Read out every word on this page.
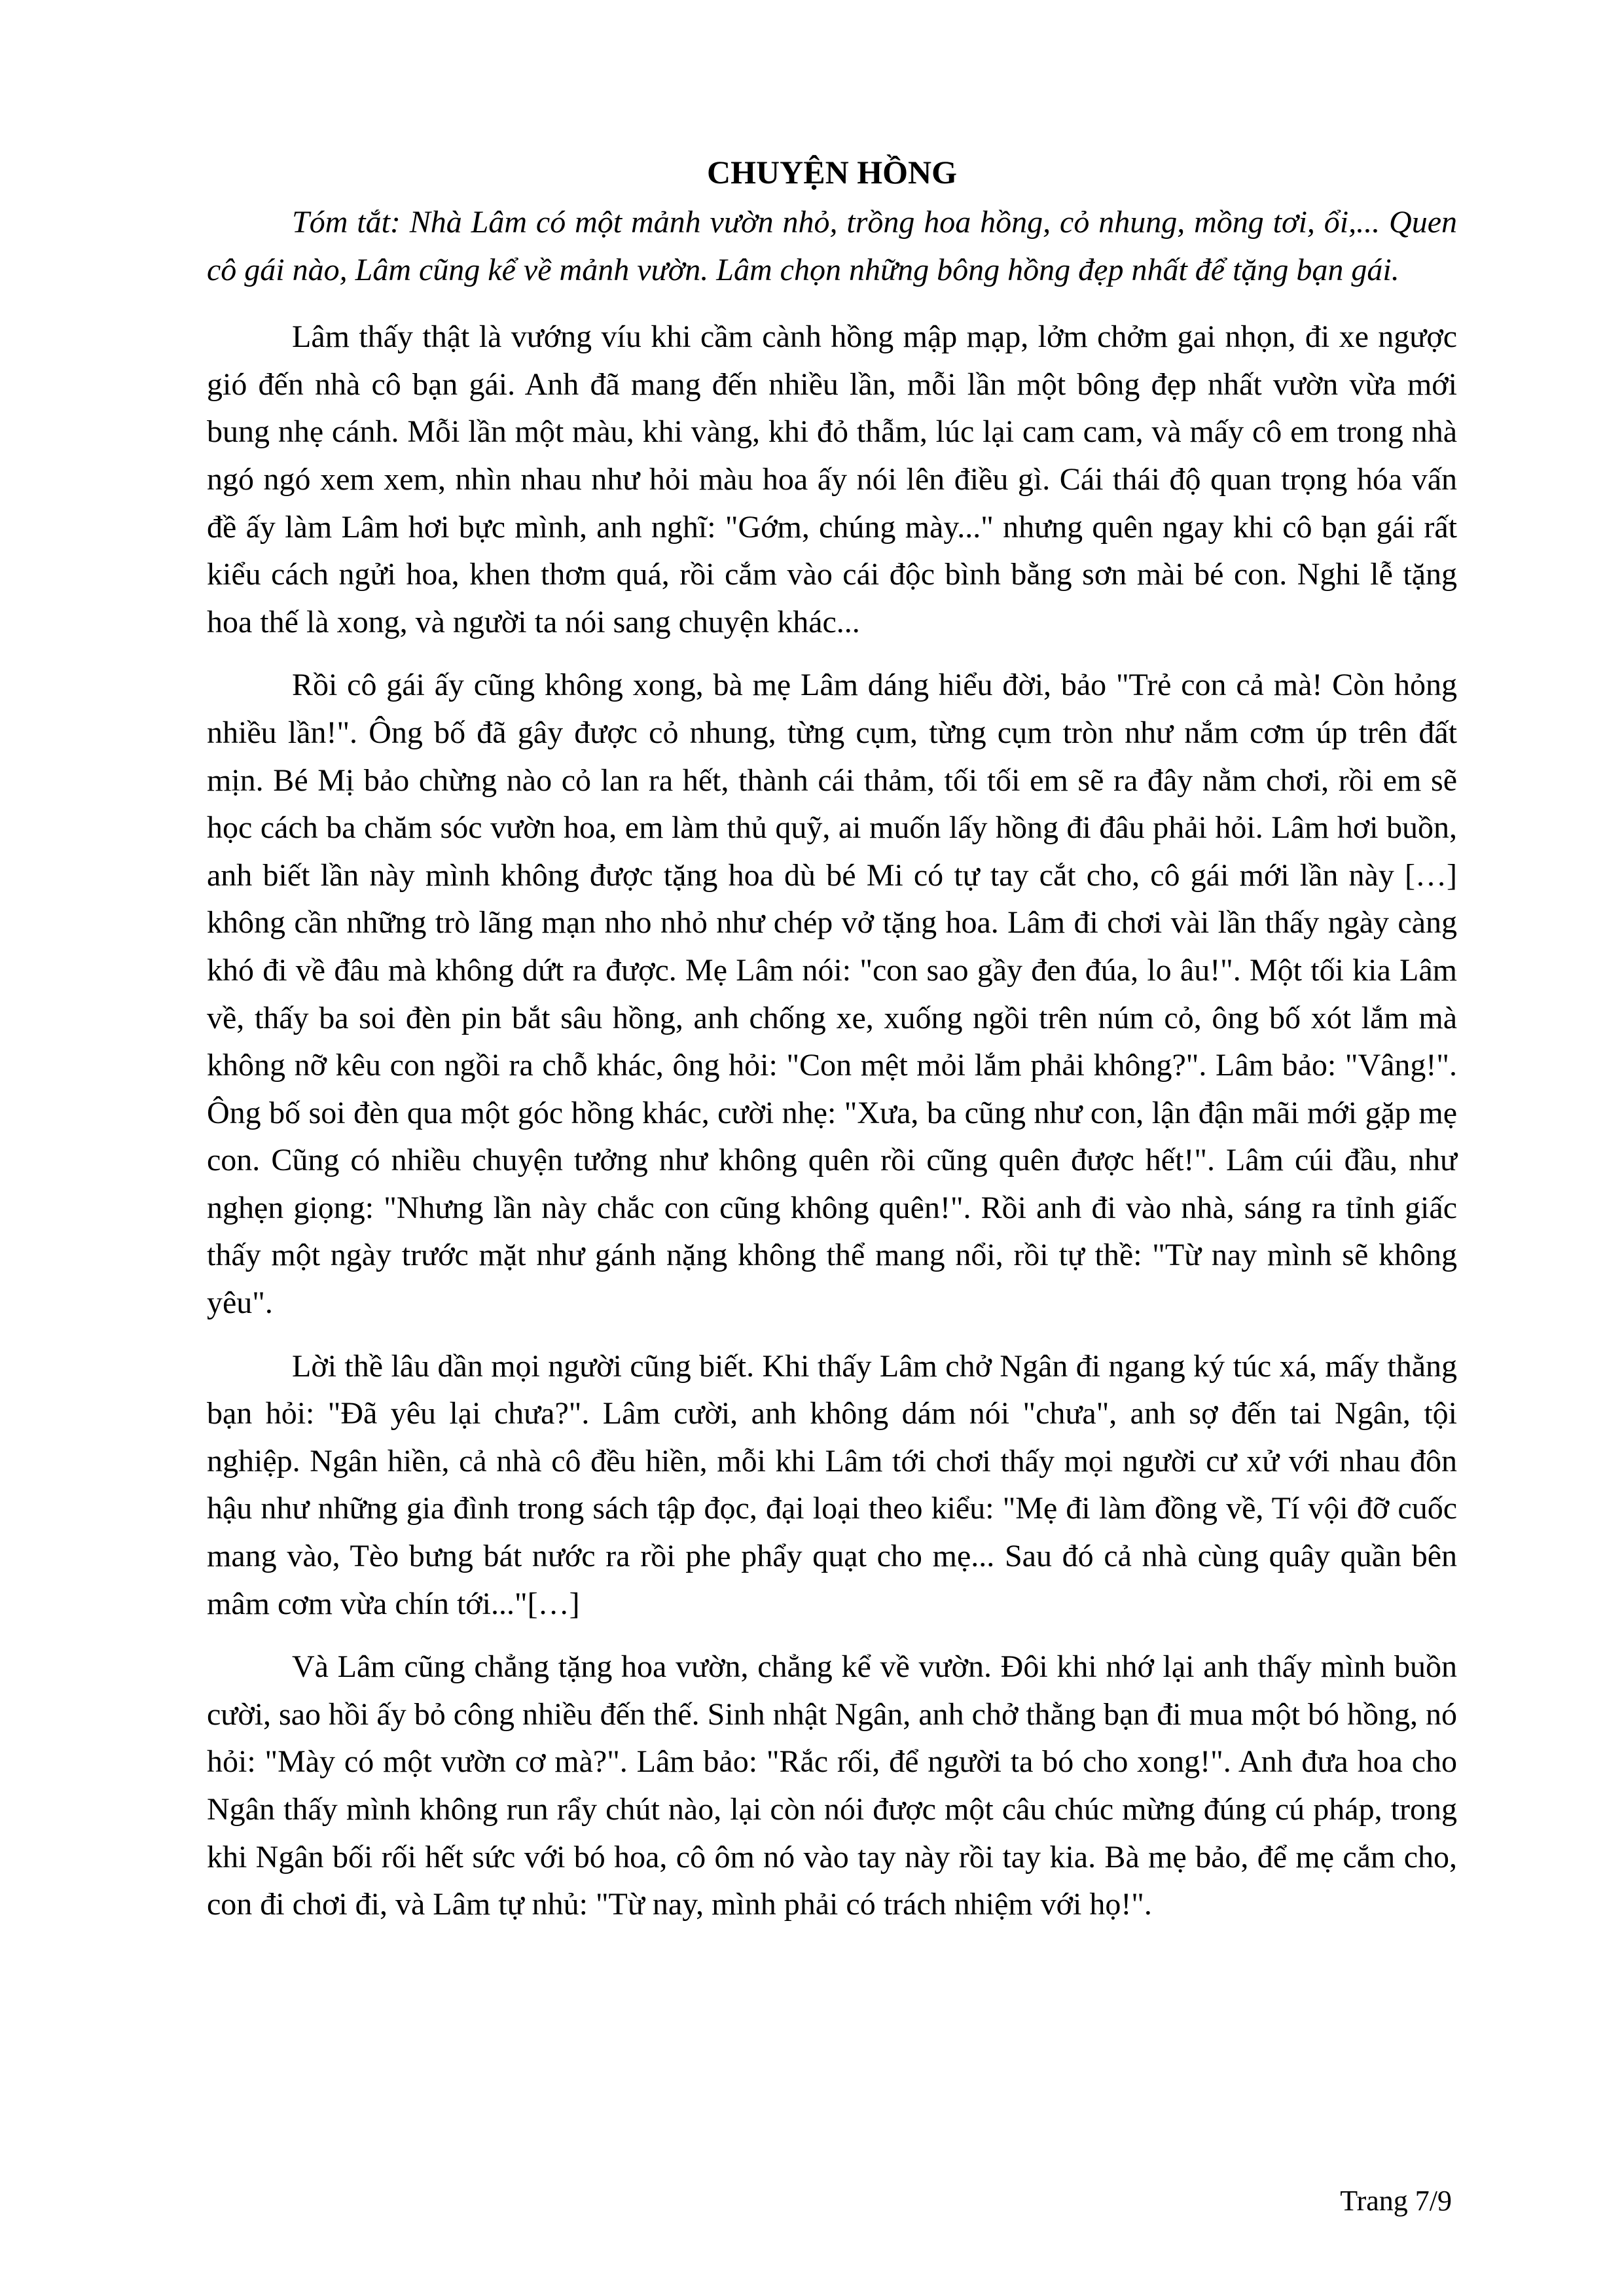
CHUYỆN HỒNG

Tóm tắt: Nhà Lâm có một mảnh vườn nhỏ, trồng hoa hồng, cỏ nhung, mồng tơi, ổi,... Quen cô gái nào, Lâm cũng kể về mảnh vườn. Lâm chọn những bông hồng đẹp nhất để tặng bạn gái.

Lâm thấy thật là vướng víu khi cầm cành hồng mập mạp, lởm chởm gai nhọn, đi xe ngược gió đến nhà cô bạn gái. Anh đã mang đến nhiều lần, mỗi lần một bông đẹp nhất vườn vừa mới bung nhẹ cánh. Mỗi lần một màu, khi vàng, khi đỏ thẫm, lúc lại cam cam, và mấy cô em trong nhà ngó ngó xem xem, nhìn nhau như hỏi màu hoa ấy nói lên điều gì. Cái thái độ quan trọng hóa vấn đề ấy làm Lâm hơi bực mình, anh nghĩ: "Gớm, chúng mày..." nhưng quên ngay khi cô bạn gái rất kiểu cách ngửi hoa, khen thơm quá, rồi cắm vào cái độc bình bằng sơn mài bé con. Nghi lễ tặng hoa thế là xong, và người ta nói sang chuyện khác...

Rồi cô gái ấy cũng không xong, bà mẹ Lâm dáng hiểu đời, bảo "Trẻ con cả mà! Còn hỏng nhiều lần!". Ông bố đã gây được cỏ nhung, từng cụm, từng cụm tròn như nắm cơm úp trên đất mịn. Bé Mị bảo chừng nào cỏ lan ra hết, thành cái thảm, tối tối em sẽ ra đây nằm chơi, rồi em sẽ học cách ba chăm sóc vườn hoa, em làm thủ quỹ, ai muốn lấy hồng đi đâu phải hỏi. Lâm hơi buồn, anh biết lần này mình không được tặng hoa dù bé Mi có tự tay cắt cho, cô gái mới lần này […] không cần những trò lãng mạn nho nhỏ như chép vở tặng hoa. Lâm đi chơi vài lần thấy ngày càng khó đi về đâu mà không dứt ra được. Mẹ Lâm nói: "con sao gầy đen đúa, lo âu!". Một tối kia Lâm về, thấy ba soi đèn pin bắt sâu hồng, anh chống xe, xuống ngồi trên núm cỏ, ông bố xót lắm mà không nỡ kêu con ngồi ra chỗ khác, ông hỏi: "Con mệt mỏi lắm phải không?". Lâm bảo: "Vâng!". Ông bố soi đèn qua một góc hồng khác, cười nhẹ: "Xưa, ba cũng như con, lận đận mãi mới gặp mẹ con. Cũng có nhiều chuyện tưởng như không quên rồi cũng quên được hết!". Lâm cúi đầu, như nghẹn giọng: "Nhưng lần này chắc con cũng không quên!". Rồi anh đi vào nhà, sáng ra tỉnh giấc thấy một ngày trước mặt như gánh nặng không thể mang nổi, rồi tự thề: "Từ nay mình sẽ không yêu".

Lời thề lâu dần mọi người cũng biết. Khi thấy Lâm chở Ngân đi ngang ký túc xá, mấy thằng bạn hỏi: "Đã yêu lại chưa?". Lâm cười, anh không dám nói "chưa", anh sợ đến tai Ngân, tội nghiệp. Ngân hiền, cả nhà cô đều hiền, mỗi khi Lâm tới chơi thấy mọi người cư xử với nhau đôn hậu như những gia đình trong sách tập đọc, đại loại theo kiểu: "Mẹ đi làm đồng về, Tí vội đỡ cuốc mang vào, Tèo bưng bát nước ra rồi phe phẩy quạt cho mẹ... Sau đó cả nhà cùng quây quần bên mâm cơm vừa chín tới..."[…]

Và Lâm cũng chẳng tặng hoa vườn, chẳng kể về vườn. Đôi khi nhớ lại anh thấy mình buồn cười, sao hồi ấy bỏ công nhiều đến thế. Sinh nhật Ngân, anh chở thằng bạn đi mua một bó hồng, nó hỏi: "Mày có một vườn cơ mà?". Lâm bảo: "Rắc rối, để người ta bó cho xong!". Anh đưa hoa cho Ngân thấy mình không run rẩy chút nào, lại còn nói được một câu chúc mừng đúng cú pháp, trong khi Ngân bối rối hết sức với bó hoa, cô ôm nó vào tay này rồi tay kia. Bà mẹ bảo, để mẹ cắm cho, con đi chơi đi, và Lâm tự nhủ: "Từ nay, mình phải có trách nhiệm với họ!".

Trang 7/9
